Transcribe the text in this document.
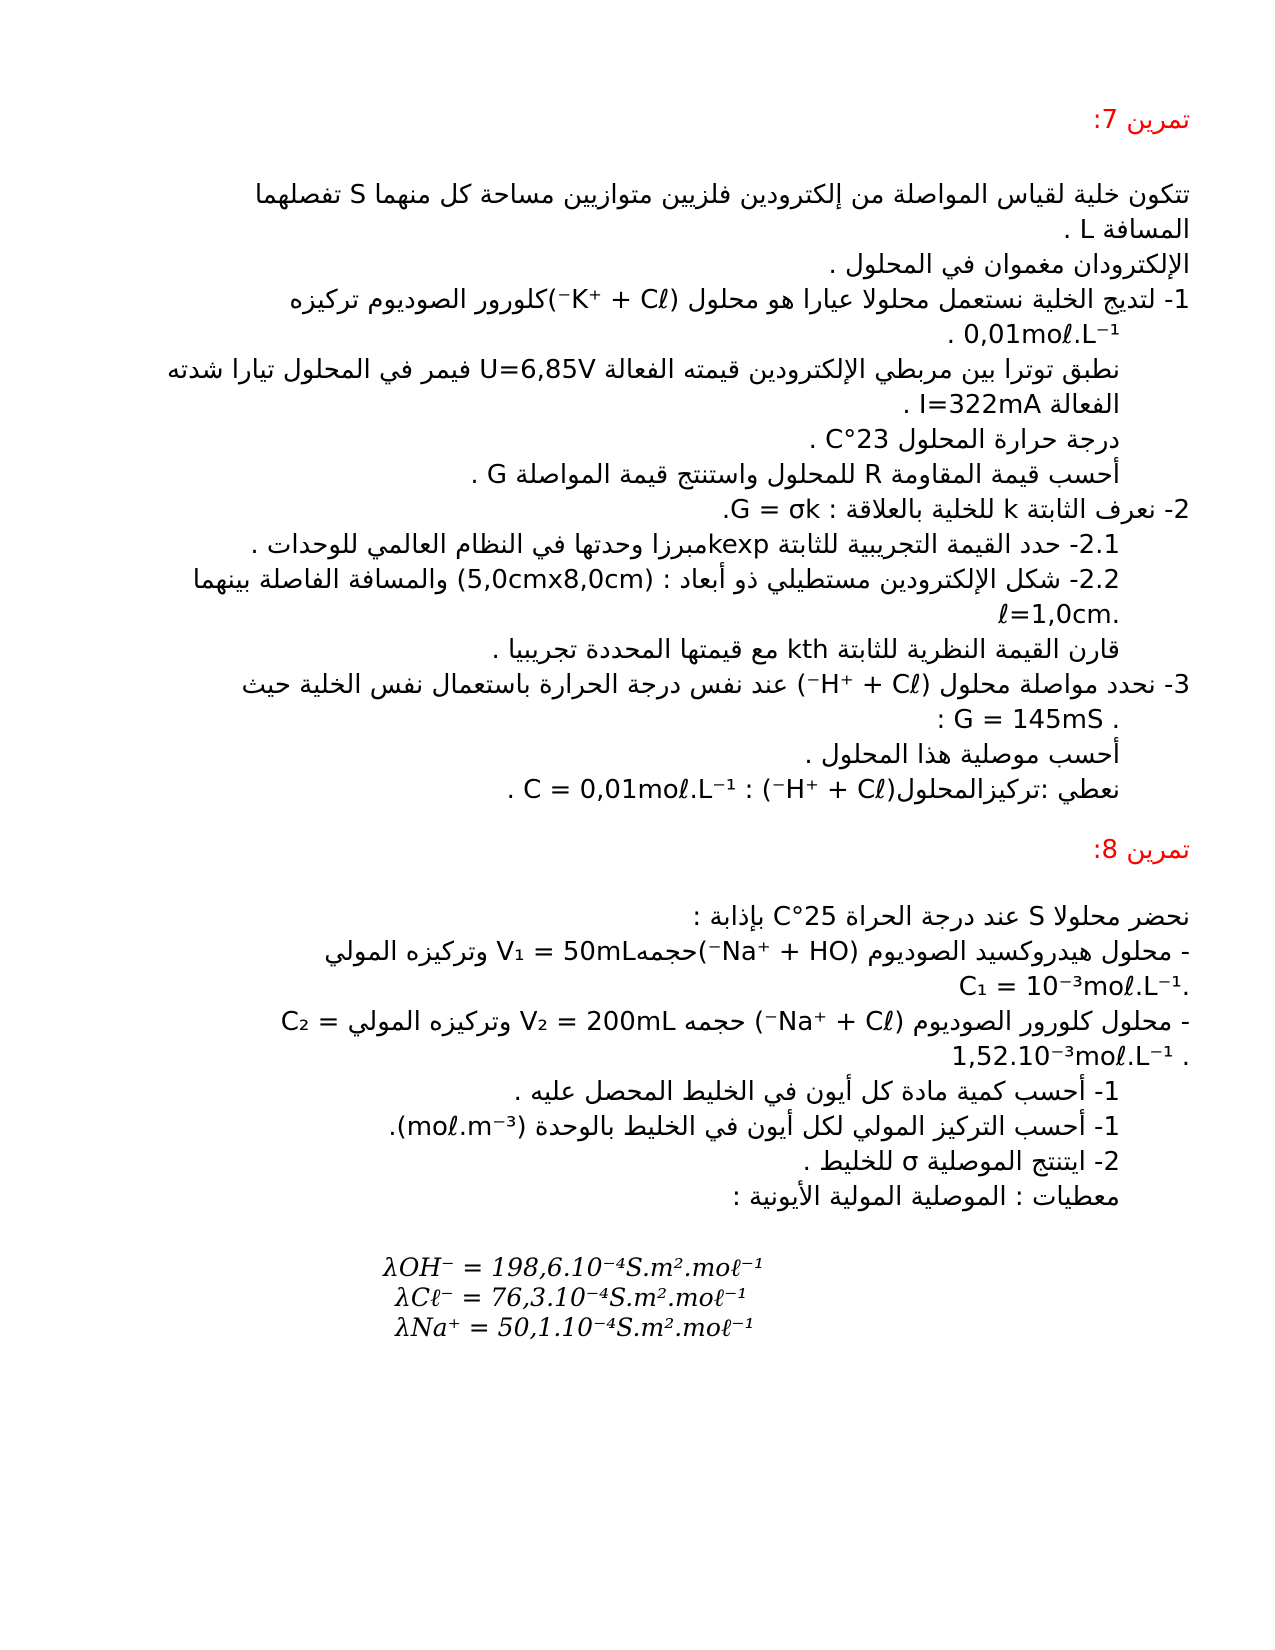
تمرين 7:
تتكون خلية لقياس المواصلة من إلكترودين فلزيين متوازيين مساحة كل منهما S تفصلهما
المسافة L .
الإلكترودان مغموان في المحلول .
1- لتديج الخلية نستعمل محلولا عيارا هو محلول (K⁺ + Cℓ⁻)كلورور الصوديوم تركيزه
. 0,01moℓ.L⁻¹
نطبق توترا بين مربطي الإلكترودين قيمته الفعالة U=6,85V فيمر في المحلول تيارا شدته
الفعالة I=322mA .
درجة حرارة المحلول 23°C .
أحسب قيمة المقاومة R للمحلول واستنتج قيمة المواصلة G .
2- نعرف الثابتة k للخلية بالعلاقة : G = σk.
2.1- حدد القيمة التجريبية للثابتة kexpمبرزا وحدتها في النظام العالمي للوحدات .
2.2- شكل الإلكترودين مستطيلي ذو أبعاد : (5,0cmx8,0cm) والمسافة الفاصلة بينهما
ℓ=1,0cm.
قارن القيمة النظرية للثابتة kth مع قيمتها المحددة تجريبيا .
3- نحدد مواصلة محلول (H⁺ + Cℓ⁻) عند نفس درجة الحرارة باستعمال نفس الخلية حيث
: G = 145mS .
أحسب موصلية هذا المحلول .
نعطي :تركيزالمحلول(H⁺ + Cℓ⁻) : C = 0,01moℓ.L⁻¹ .
تمرين 8:
نحضر محلولا S عند درجة الحراة 25°C بإذابة :
- محلول هيدروكسيد الصوديوم (Na⁺ + HO⁻)حجمهV₁ = 50mL وتركيزه المولي
C₁ = 10⁻³moℓ.L⁻¹.
- محلول كلورور الصوديوم (Na⁺ + Cℓ⁻) حجمه V₂ = 200mL وتركيزه المولي = C₂
1,52.10⁻³moℓ.L⁻¹ .
1- أحسب كمية مادة كل أيون في الخليط المحصل عليه .
1- أحسب التركيز المولي لكل أيون في الخليط بالوحدة (moℓ.m⁻³).
2- ايتنتج الموصلية σ للخليط .
معطيات : الموصلية المولية الأيونية :
λOH⁻ = 198,6.10⁻⁴S.m².moℓ⁻¹
λCℓ⁻ = 76,3.10⁻⁴S.m².moℓ⁻¹
λNa⁺ = 50,1.10⁻⁴S.m².moℓ⁻¹
